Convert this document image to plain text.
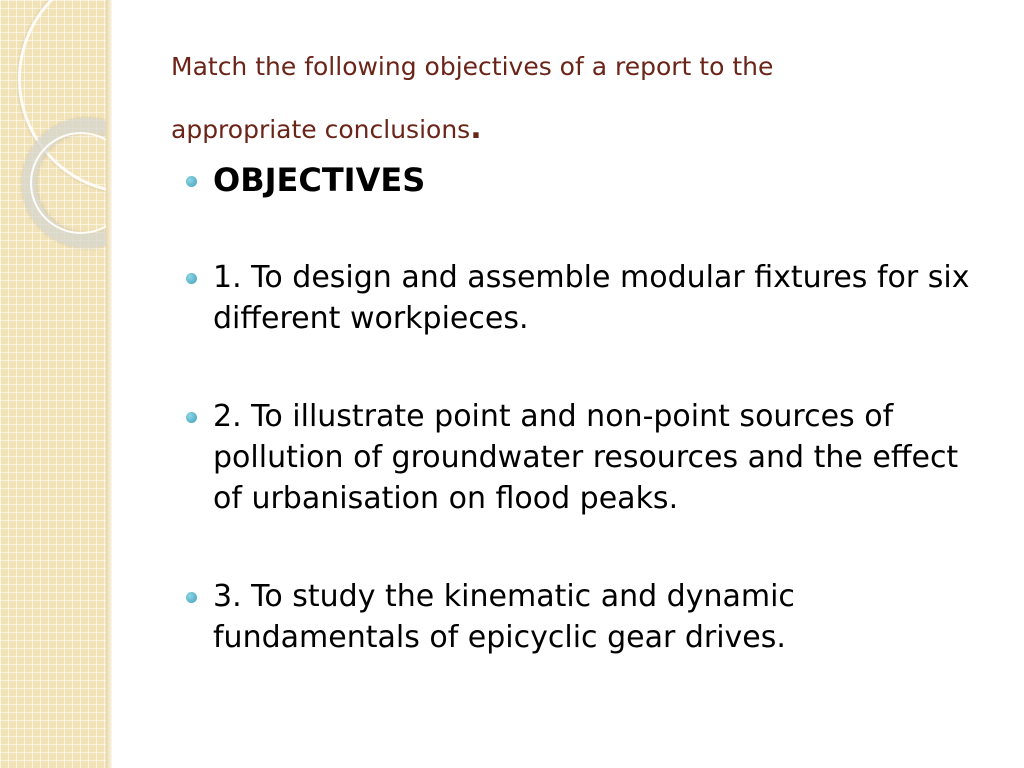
Match the following objectives of a report to the appropriate conclusions.
OBJECTIVES
1. To design and assemble modular fixtures for six different workpieces.
2. To illustrate point and non-point sources of pollution of groundwater resources and the effect of urbanisation on flood peaks.
3. To study the kinematic and dynamic fundamentals of epicyclic gear drives.
